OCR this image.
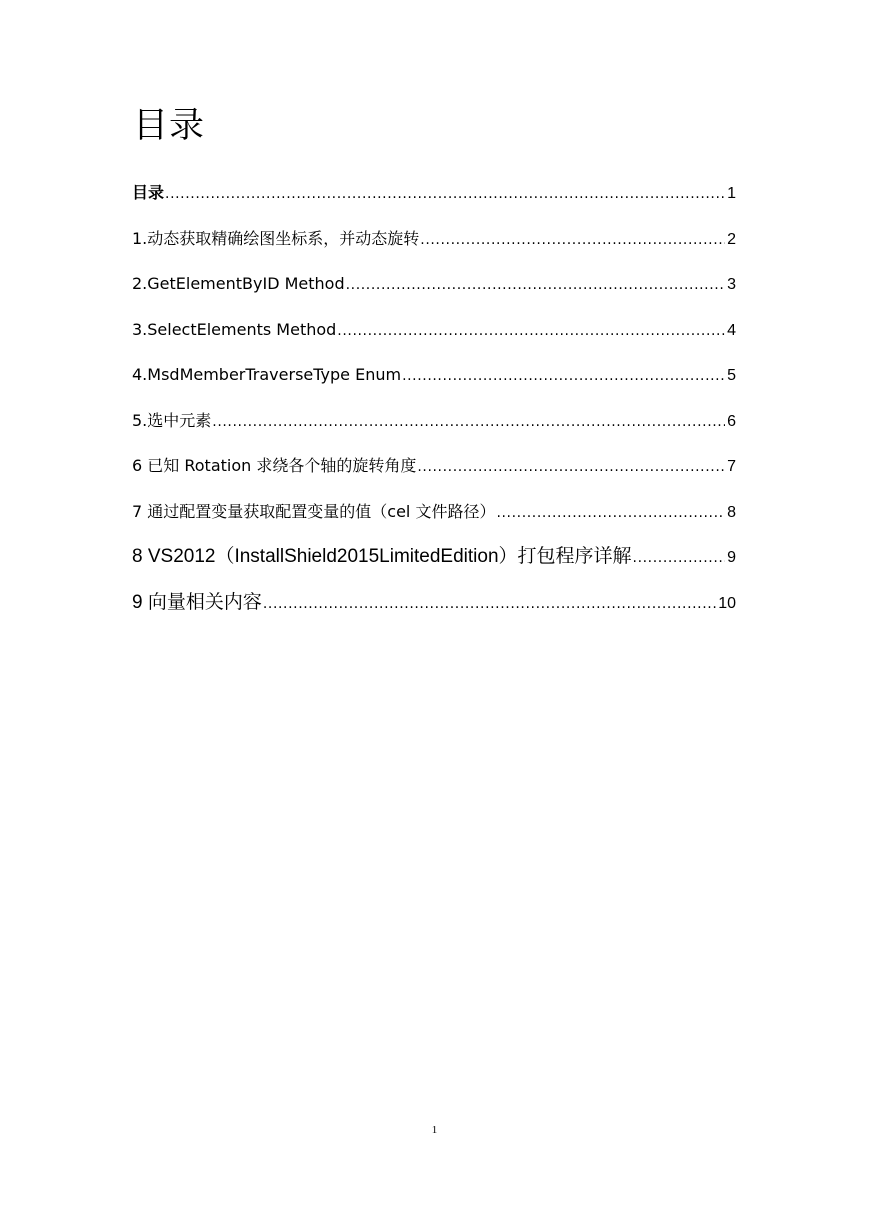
目录
目录 .....	1
1.动态获取精确绘图坐标系，并动态旋转 .....	2
2.GetElementByID Method .....	3
3.SelectElements Method .....	4
4.MsdMemberTraverseType Enum .....	5
5.选中元素 .....	6
6 已知 Rotation 求绕各个轴的旋转角度 .....	7
7 通过配置变量获取配置变量的值（cel 文件路径） .....	8
8 VS2012（InstallShield2015LimitedEdition）打包程序详解 .....	9
9 向量相关内容 .....	10
1
